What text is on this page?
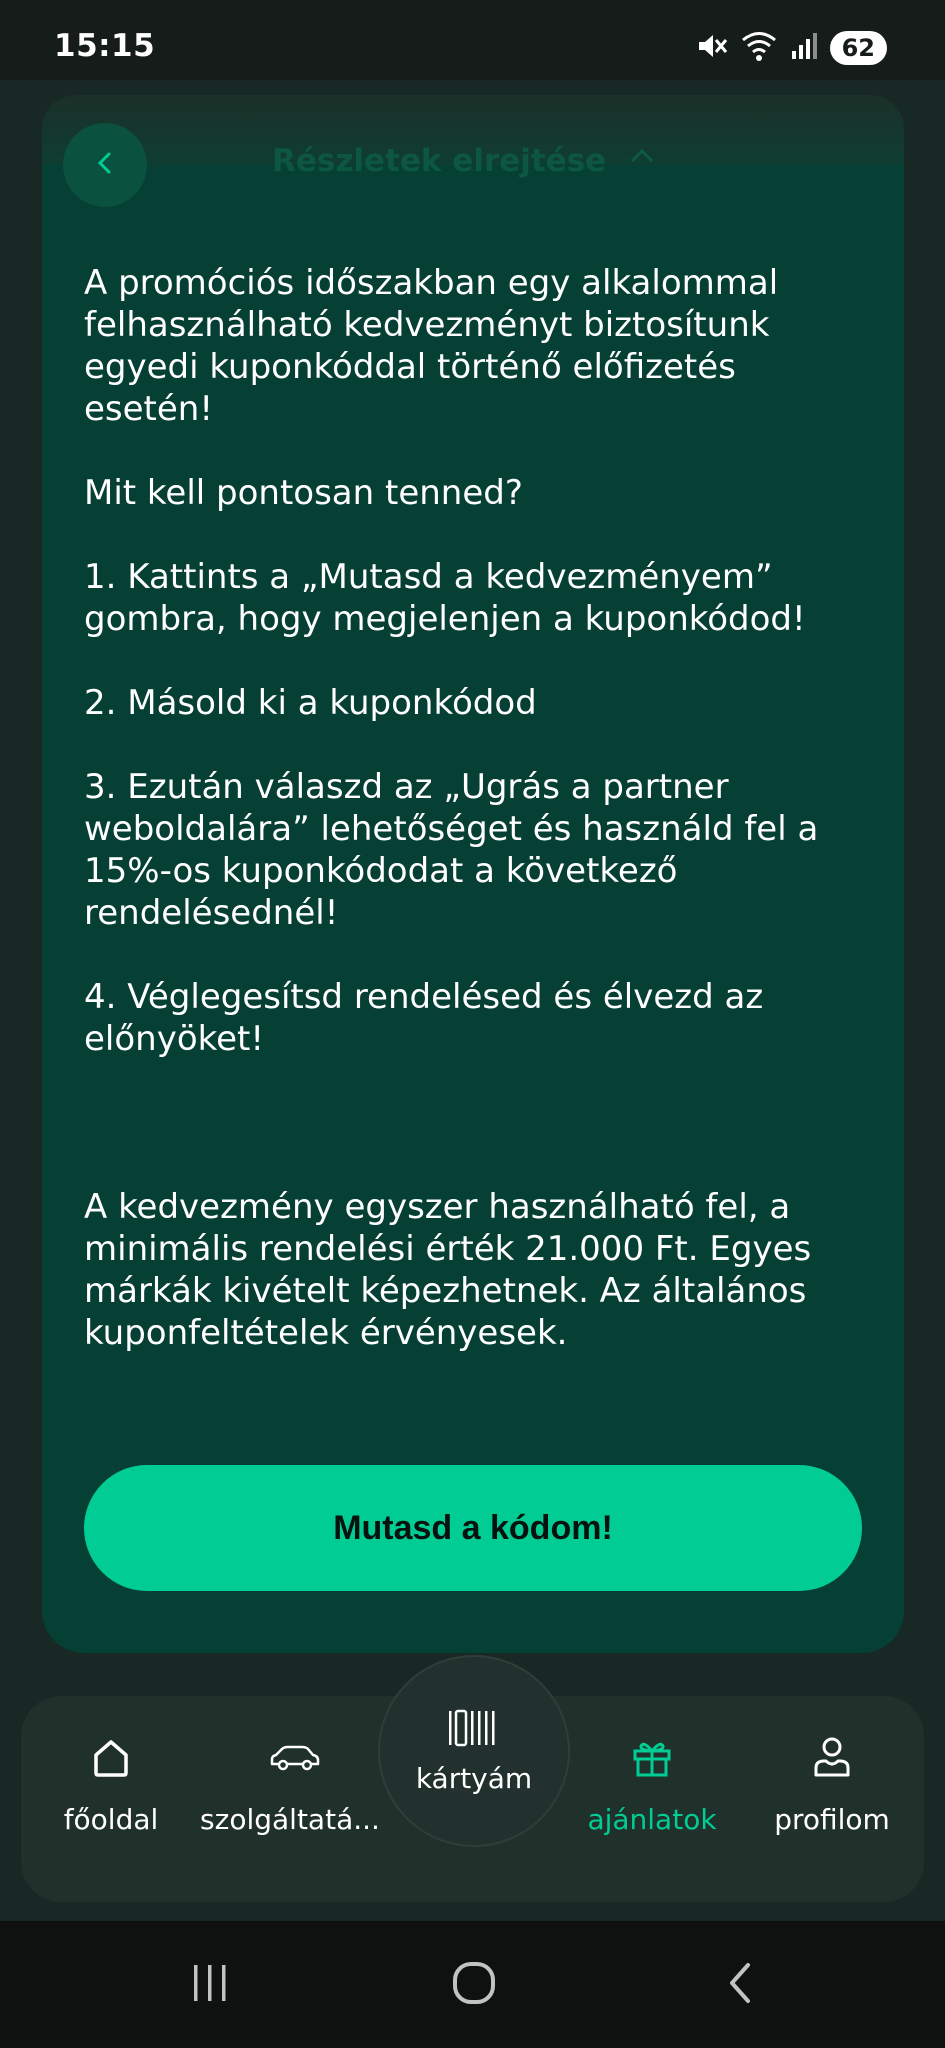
15:15	62
Részletek elrejtése

A promóciós időszakban egy alkalommal felhasználható kedvezményt biztosítunk egyedi kuponkóddal történő előfizetés esetén!

Mit kell pontosan tenned?

1. Kattints a „Mutasd a kedvezményem” gombra, hogy megjelenjen a kuponkódod!

2. Másold ki a kuponkódod

3. Ezután válaszd az „Ugrás a partner weboldalára” lehetőséget és használd fel a 15%-os kuponkódodat a következő rendelésednél!

4. Véglegesítsd rendelésed és élvezd az előnyöket!

A kedvezmény egyszer használható fel, a minimális rendelési érték 21.000 Ft. Egyes márkák kivételt képezhetnek. Az általános kuponfeltételek érvényesek.

Mutasd a kódom!
főoldal szolgáltatá...
kártyám
ajánlatok profilom
